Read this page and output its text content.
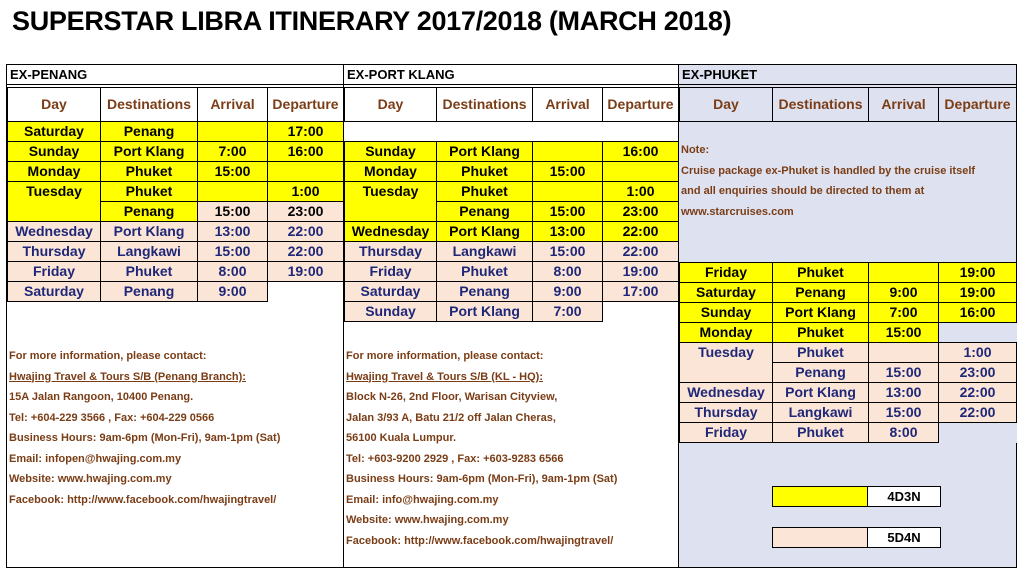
SUPERSTAR LIBRA ITINERARY 2017/2018 (MARCH 2018)
EX-PENANG
Day	Destinations	Arrival	Departure
Saturday	Penang		17:00
Sunday	Port Klang	7:00	16:00
Monday	Phuket	15:00	
Tuesday	Phuket		1:00
	Penang	15:00	23:00
Wednesday	Port Klang	13:00	22:00
Thursday	Langkawi	15:00	22:00
Friday	Phuket	8:00	19:00
Saturday	Penang	9:00	
For more information, please contact:
Hwajing Travel & Tours S/B (Penang Branch):
15A Jalan Rangoon, 10400 Penang.
Tel: +604-229 3566 , Fax: +604-229 0566
Business Hours: 9am-6pm (Mon-Fri), 9am-1pm (Sat)
Email: infopen@hwajing.com.my
Website: www.hwajing.com.my
Facebook: http://www.facebook.com/hwajingtravel/
EX-PORT KLANG
Day	Destinations	Arrival	Departure

Sunday	Port Klang		16:00
Monday	Phuket	15:00	
Tuesday	Phuket		1:00
	Penang	15:00	23:00
Wednesday	Port Klang	13:00	22:00
Thursday	Langkawi	15:00	22:00
Friday	Phuket	8:00	19:00
Saturday	Penang	9:00	17:00
Sunday	Port Klang	7:00	
For more information, please contact:
Hwajing Travel & Tours S/B (KL - HQ):
Block N-26, 2nd Floor, Warisan Cityview,
Jalan 3/93 A, Batu 21/2 off Jalan Cheras,
56100 Kuala Lumpur.
Tel: +603-9200 2929 , Fax: +603-9283 6566
Business Hours: 9am-6pm (Mon-Fri), 9am-1pm (Sat)
Email: info@hwajing.com.my
Website: www.hwajing.com.my
Facebook: http://www.facebook.com/hwajingtravel/
EX-PHUKET
Day	Destinations	Arrival	Departure
Note:
Cruise package ex-Phuket is handled by the cruise itself
and all enquiries should be directed to them at
www.starcruises.com
Friday	Phuket		19:00
Saturday	Penang	9:00	19:00
Sunday	Port Klang	7:00	16:00
Monday	Phuket	15:00	
Tuesday	Phuket		1:00
	Penang	15:00	23:00
Wednesday	Port Klang	13:00	22:00
Thursday	Langkawi	15:00	22:00
Friday	Phuket	8:00	
4D3N
5D4N
